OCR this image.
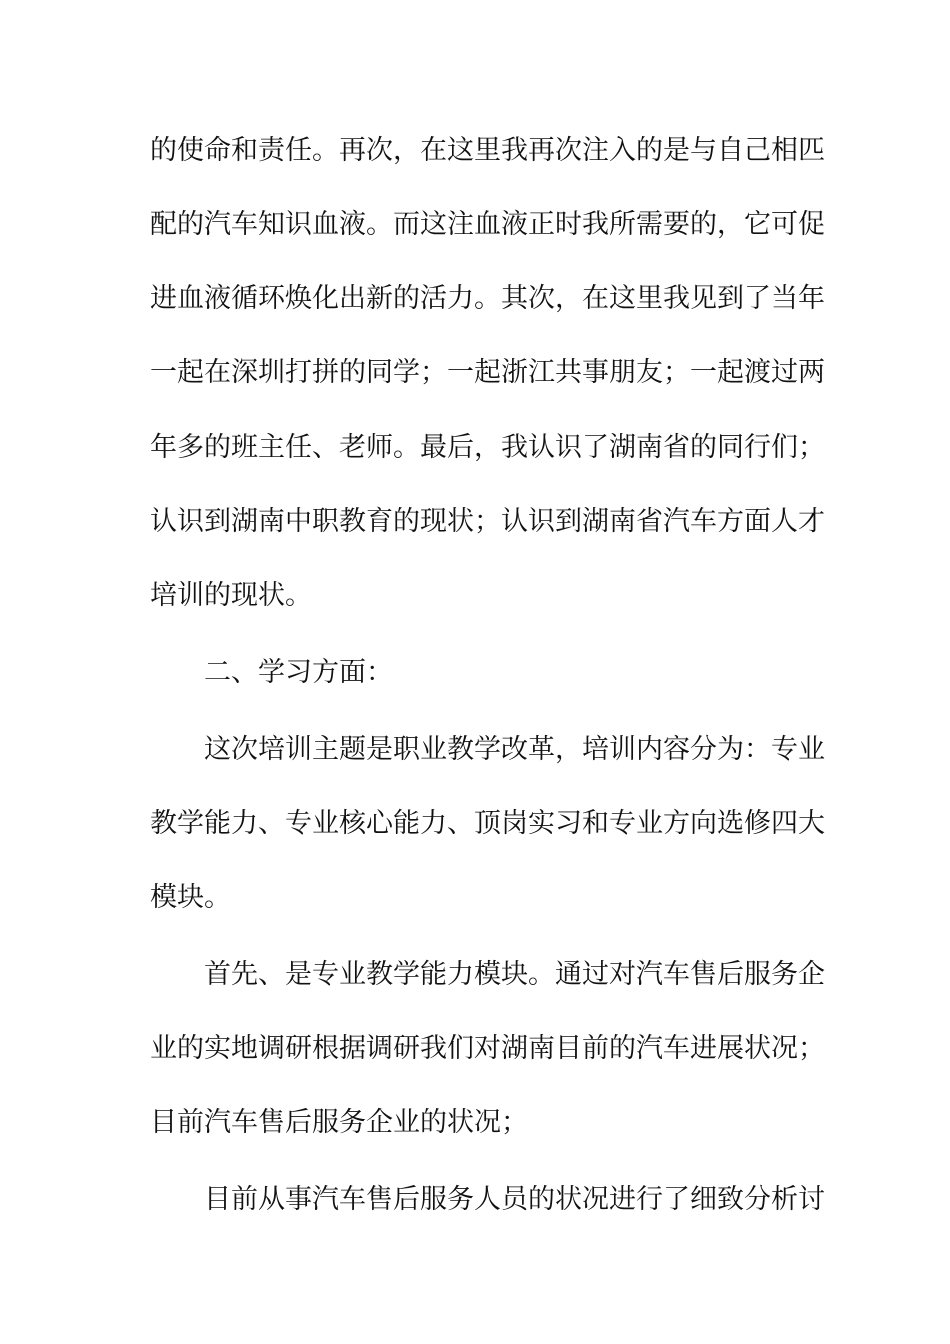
的使命和责任。再次，在这里我再次注入的是与自己相匹
配的汽车知识血液。而这注血液正时我所需要的，它可促
进血液循环焕化出新的活力。其次，在这里我见到了当年
一起在深圳打拼的同学；一起浙江共事朋友；一起渡过两
年多的班主任、老师。最后，我认识了湖南省的同行们；
认识到湖南中职教育的现状；认识到湖南省汽车方面人才
培训的现状。
二、学习方面：
这次培训主题是职业教学改革，培训内容分为：专业
教学能力、专业核心能力、顶岗实习和专业方向选修四大
模块。
首先、是专业教学能力模块。通过对汽车售后服务企
业的实地调研根据调研我们对湖南目前的汽车进展状况；
目前汽车售后服务企业的状况；
目前从事汽车售后服务人员的状况进行了细致分析讨
